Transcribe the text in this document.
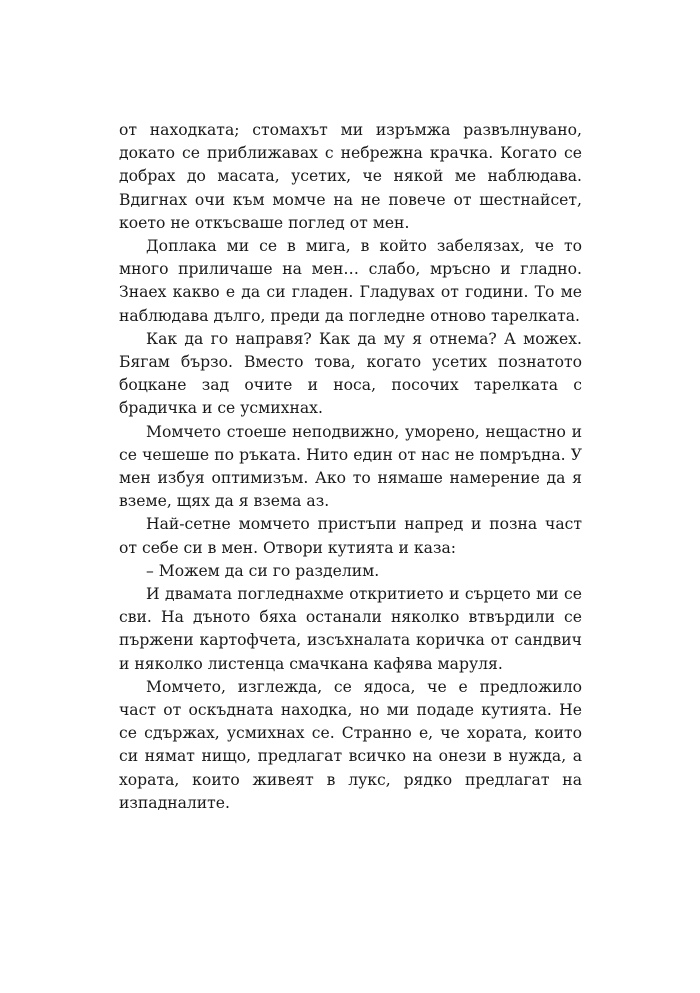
от находката; стомахът ми изръмжа развълнувано, докато се приближавах с небрежна крачка. Когато се добрах до масата, усетих, че някой ме наблюдава. Вдигнах очи към момче на не повече от шестнайсет, което не откъсваше поглед от мен.

Доплака ми се в мига, в който забелязах, че то много приличаше на мен… слабо, мръсно и гладно. Знаех какво е да си гладен. Гладувах от години. То ме наблюдава дълго, преди да погледне отново тарелката.

Как да го направя? Как да му я отнема? А можех. Бягам бързо. Вместо това, когато усетих познатото боцкане зад очите и носа, посочих тарелката с брадичка и се усмихнах.

Момчето стоеше неподвижно, уморено, нещастно и се чешеше по ръката. Нито един от нас не помръдна. У мен избуя оптимизъм. Ако то нямаше намерение да я вземе, щях да я взема аз.

Най-сетне момчето пристъпи напред и позна част от себе си в мен. Отвори кутията и каза:

– Можем да си го разделим.

И двамата погледнахме откритието и сърцето ми се сви. На дъното бяха останали няколко втвърдили се пържени картофчета, изсъхналата коричка от сандвич и няколко листенца смачкана кафява маруля.

Момчето, изглежда, се ядоса, че е предложило част от оскъдната находка, но ми подаде кутията. Не се сдържах, усмихнах се. Странно е, че хората, които си нямат нищо, предлагат всичко на онези в нужда, а хората, които живеят в лукс, рядко предлагат на изпадналите.
